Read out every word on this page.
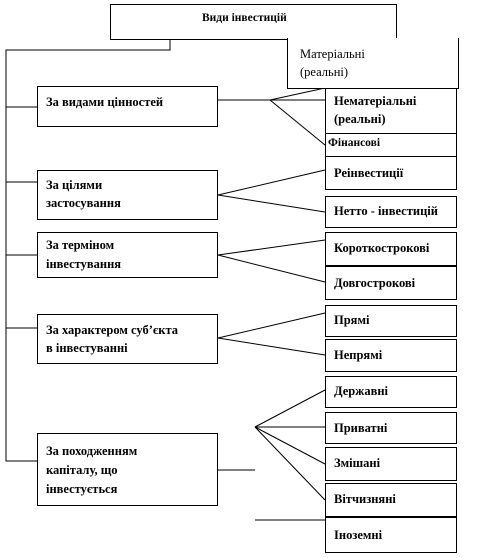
Види інвестицій
Матеріальні
(реальні)
За видами цінностей
За цілями
застосування
За терміном
інвестування
За характером суб’єкта
в інвестуванні
За походженням
капіталу, що
інвестується
Нематеріальні
(реальні)
Фінансові
Реінвестиції
Нетто - інвестицій
Короткострокові
Довгострокові
Прямі
Непрямі
Державні
Приватні
Змішані
Вітчизняні
Іноземні
